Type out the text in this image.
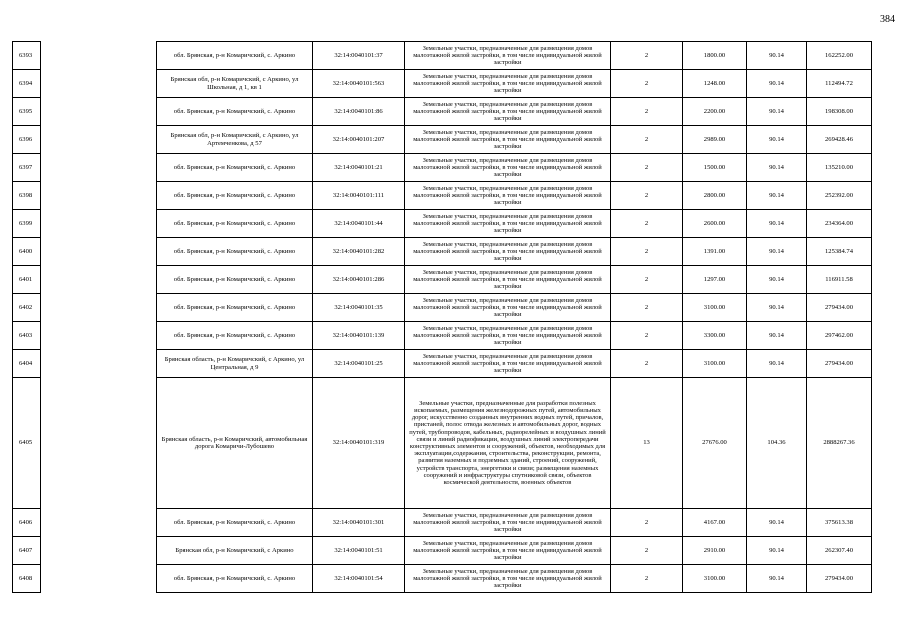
384
6393		обл. Брянская, р-н Комаричский, с. Аркино	32:14:0040101:37	Земельные участки, предназначенные для размещения домов малоэтажной жилой застройки, в том числе индивидуальной жилой застройки	2	1800.00	90.14	162252.00
6394		Брянская обл, р-н Комаричский, с Аркино, ул Школьная, д 1, кв 1	32:14:0040101:563	Земельные участки, предназначенные для размещения домов малоэтажной жилой застройки, в том числе индивидуальной жилой застройки	2	1248.00	90.14	112494.72
6395		обл. Брянская, р-н Комаричский, с. Аркино	32:14:0040101:86	Земельные участки, предназначенные для размещения домов малоэтажной жилой застройки, в том числе индивидуальной жилой застройки	2	2200.00	90.14	198308.00
6396		Брянская обл, р-н Комаричский, с Аркино, ул Артемченкова, д 57	32:14:0040101:207	Земельные участки, предназначенные для размещения домов малоэтажной жилой застройки, в том числе индивидуальной жилой застройки	2	2989.00	90.14	269428.46
6397		обл. Брянская, р-н Комаричский, с. Аркино	32:14:0040101:21	Земельные участки, предназначенные для размещения домов малоэтажной жилой застройки, в том числе индивидуальной жилой застройки	2	1500.00	90.14	135210.00
6398		обл. Брянская, р-н Комаричский, с. Аркино	32:14:0040101:111	Земельные участки, предназначенные для размещения домов малоэтажной жилой застройки, в том числе индивидуальной жилой застройки	2	2800.00	90.14	252392.00
6399		обл. Брянская, р-н Комаричский, с. Аркино	32:14:0040101:44	Земельные участки, предназначенные для размещения домов малоэтажной жилой застройки, в том числе индивидуальной жилой застройки	2	2600.00	90.14	234364.00
6400		обл. Брянская, р-н Комаричский, с. Аркино	32:14:0040101:282	Земельные участки, предназначенные для размещения домов малоэтажной жилой застройки, в том числе индивидуальной жилой застройки	2	1391.00	90.14	125384.74
6401		обл. Брянская, р-н Комаричский, с. Аркино	32:14:0040101:286	Земельные участки, предназначенные для размещения домов малоэтажной жилой застройки, в том числе индивидуальной жилой застройки	2	1297.00	90.14	116911.58
6402		обл. Брянская, р-н Комаричский, с. Аркино	32:14:0040101:35	Земельные участки, предназначенные для размещения домов малоэтажной жилой застройки, в том числе индивидуальной жилой застройки	2	3100.00	90.14	279434.00
6403		обл. Брянская, р-н Комаричский, с. Аркино	32:14:0040101:139	Земельные участки, предназначенные для размещения домов малоэтажной жилой застройки, в том числе индивидуальной жилой застройки	2	3300.00	90.14	297462.00
6404		Брянская область, р-н Комаричский, с Аркино, ул Центральная, д 9	32:14:0040101:25	Земельные участки, предназначенные для размещения домов малоэтажной жилой застройки, в том числе индивидуальной жилой застройки	2	3100.00	90.14	279434.00
6405		Брянская область, р-н Комаричский, автомобильная дорога Комаричи-Лубошево	32:14:0040101:319	Земельные участки, предназначенные для разработки полезных ископаемых, размещения железнодорожных путей, автомобильных дорог, искусственно созданных внутренних водных путей, причалов, пристаней, полос отвода железных и автомобильных дорог, водных путей, трубопроводов, кабельных, радиорелейных и воздушных линий связи и линий радиофикации, воздушных линий электропередачи конструктивных элементов и сооружений, объектов, необходимых для эксплуатации,содержания, строительства, реконструкции, ремонта, развития наземных и подземных зданий, строений, сооружений, устройств транспорта, энергетики и связи; размещения наземных сооружений и инфраструктуры спутниковой связи, объектов космической деятельности, военных объектов	13	27676.00	104.36	2888267.36
6406		обл. Брянская, р-н Комаричский, с. Аркино	32:14:0040101:301	Земельные участки, предназначенные для размещения домов малоэтажной жилой застройки, в том числе индивидуальной жилой застройки	2	4167.00	90.14	375613.38
6407		Брянская обл, р-н Комаричский, с Аркино	32:14:0040101:51	Земельные участки, предназначенные для размещения домов малоэтажной жилой застройки, в том числе индивидуальной жилой застройки	2	2910.00	90.14	262307.40
6408		обл. Брянская, р-н Комаричский, с. Аркино	32:14:0040101:54	Земельные участки, предназначенные для размещения домов малоэтажной жилой застройки, в том числе индивидуальной жилой застройки	2	3100.00	90.14	279434.00
